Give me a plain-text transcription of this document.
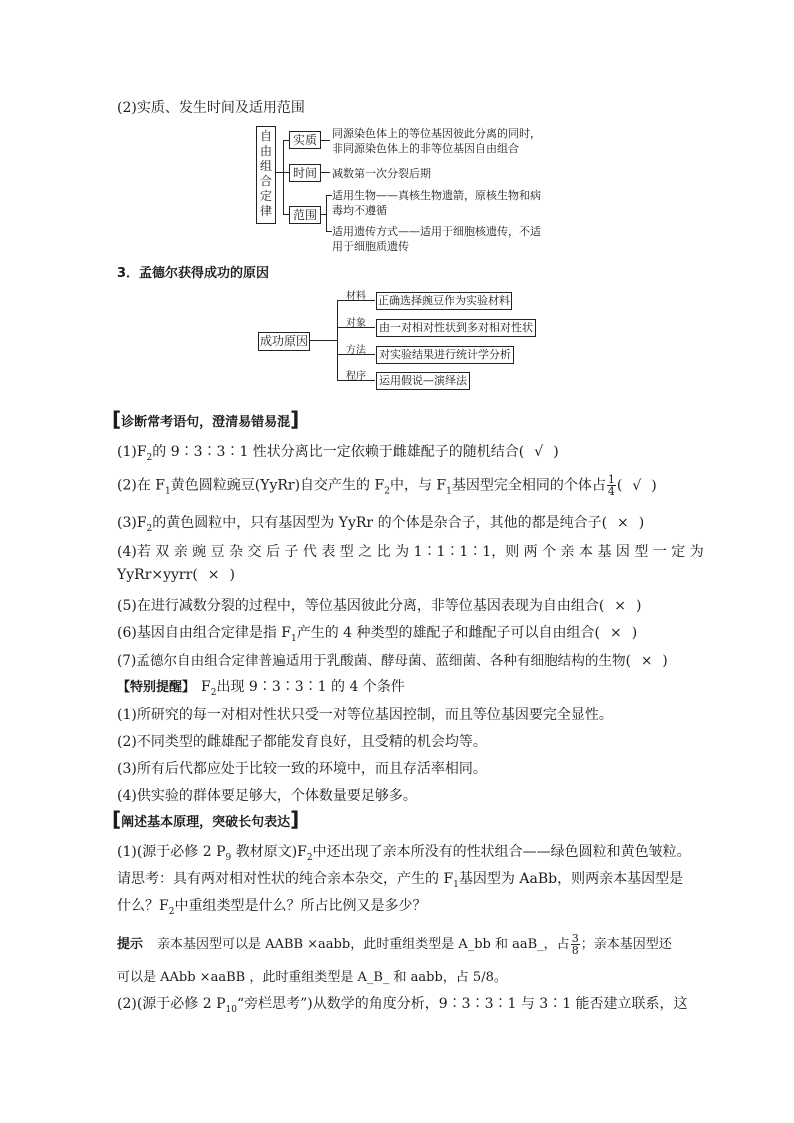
(2)实质、发生时间及适用范围
自由组合定律
实质	同源染色体上的等位基因彼此分离的同时，
非同源染色体上的非等位基因自由组合
时间	减数第一次分裂后期
范围
适用生物——真核生物遗箭，原核生物和病
毒均不遵循
适用遗传方式——适用于细胞核遗传，不适
用于细胞质遗传
3．孟德尔获得成功的原因
成功原因
材料 正确选择豌豆作为实验材料
对象 由一对相对性状到多对相对性状
方法 对实验结果进行统计学分析
程序 运用假说—演绎法
[诊断常考语句，澄清易错易混]
$(1)F_2$的 9∶3∶3∶1 性状分离比一定依赖于雌雄配子的随机结合( √ )
(2)在 $F_1$黄色圆粒豌豆(YyRr)自交产生的 $F_2$中，与 $F_1$基因型完全相同的个体占 $\frac{1}{4}$ ( √ )
$(3)F_2$的黄色圆粒中，只有基因型为 YyRr 的个体是杂合子，其他的都是纯合子( × )
(4)若 双 亲 豌 豆 杂 交 后 子 代 表 型 之 比 为 1∶1∶1∶1，则 两 个 亲 本 基 因 型 一 定 为
YyRr×yyrr( × )
(5)在进行减数分裂的过程中，等位基因彼此分离，非等位基因表现为自由组合( × )
(6)基因自由组合定律是指 $F_1$产生的 4 种类型的雄配子和雌配子可以自由组合( × )
(7)孟德尔自由组合定律普遍适用于乳酸菌、酵母菌、蓝细菌、各种有细胞结构的生物( × )
【特别提醒】 $F_2$出现 9∶3∶3∶1 的 4 个条件
(1)所研究的每一对相对性状只受一对等位基因控制，而且等位基因要完全显性。
(2)不同类型的雌雄配子都能发育良好，且受精的机会均等。
(3)所有后代都应处于比较一致的环境中，而且存活率相同。
(4)供实验的群体要足够大，个体数量要足够多。
[阐述基本原理，突破长句表达]
(1)(源于必修 2 $P_9$ 教材原文)$F_2$中还出现了亲本所没有的性状组合——绿色圆粒和黄色皱粒。
请思考：具有两对相对性状的纯合亲本杂交，产生的 $F_1$基因型为 AaBb，则两亲本基因型是
什么？$F_2$中重组类型是什么？所占比例又是多少？
提示 亲本基因型可以是 AABB ×aabb，此时重组类型是 A_bb 和 aaB_，占 $\frac{3}{8}$ ；亲本基因型还
可以是 AAbb ×aaBB ，此时重组类型是 A_B_ 和 aabb，占 5/8。
(2)(源于必修 2 $P_{10}“$旁栏思考”)从数学的角度分析，9∶3∶3∶1 与 3∶1 能否建立联系，这
